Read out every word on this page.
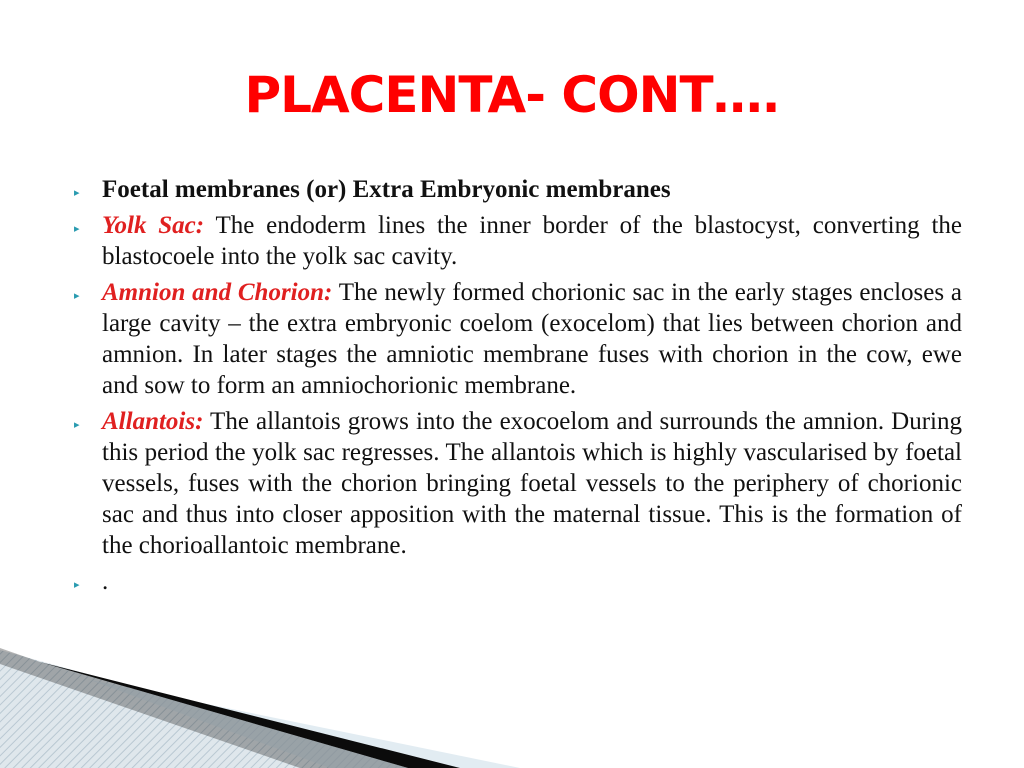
PLACENTA- CONT….
▸ Foetal membranes (or) Extra Embryonic membranes
▸ Yolk Sac: The endoderm lines the inner border of the blastocyst, converting the blastocoele into the yolk sac cavity.
▸ Amnion and Chorion: The newly formed chorionic sac in the early stages encloses a large cavity – the extra embryonic coelom (exocelom) that lies between chorion and amnion. In later stages the amniotic membrane fuses with chorion in the cow, ewe and sow to form an amniochorionic membrane.
▸ Allantois: The allantois grows into the exocoelom and surrounds the amnion. During this period the yolk sac regresses. The allantois which is highly vascularised by foetal vessels, fuses with the chorion bringing foetal vessels to the periphery of chorionic sac and thus into closer apposition with the maternal tissue. This is the formation of the chorioallantoic membrane.
▸ .
